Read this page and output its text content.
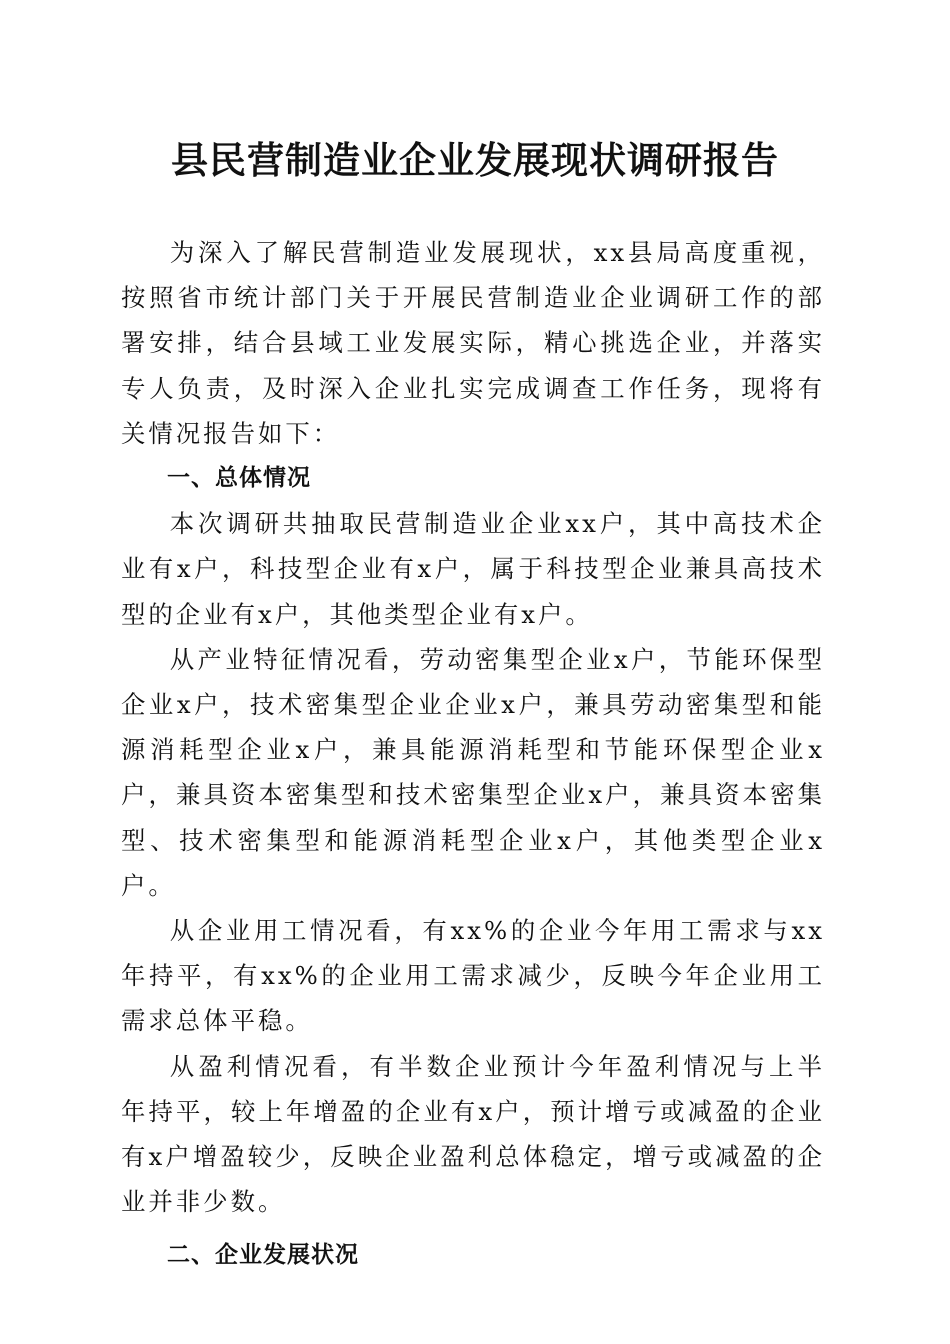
县民营制造业企业发展现状调研报告

为深入了解民营制造业发展现状，xx县局高度重视，按照省市统计部门关于开展民营制造业企业调研工作的部署安排，结合县域工业发展实际，精心挑选企业，并落实专人负责，及时深入企业扎实完成调查工作任务，现将有关情况报告如下：

一、总体情况

本次调研共抽取民营制造业企业xx户，其中高技术企业有x户，科技型企业有x户，属于科技型企业兼具高技术型的企业有x户，其他类型企业有x户。

从产业特征情况看，劳动密集型企业x户，节能环保型企业x户，技术密集型企业企业x户，兼具劳动密集型和能源消耗型企业x户，兼具能源消耗型和节能环保型企业x户，兼具资本密集型和技术密集型企业x户，兼具资本密集型、技术密集型和能源消耗型企业x户，其他类型企业x户。

从企业用工情况看，有xx%的企业今年用工需求与xx年持平，有xx%的企业用工需求减少，反映今年企业用工需求总体平稳。

从盈利情况看，有半数企业预计今年盈利情况与上半年持平，较上年增盈的企业有x户，预计增亏或减盈的企业有x户增盈较少，反映企业盈利总体稳定，增亏或减盈的企业并非少数。

二、企业发展状况
